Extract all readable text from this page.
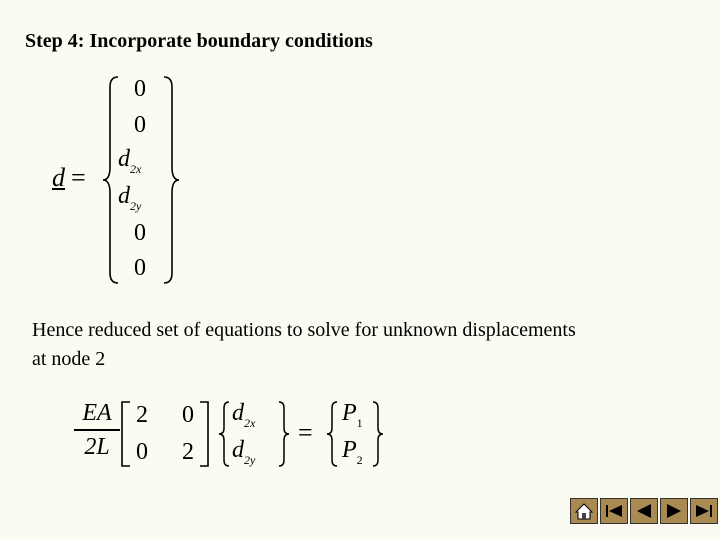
Step 4: Incorporate boundary conditions
d =
0
0
$d_{2x}$
$d_{2y}$
0
0
Hence reduced set of equations to solve for unknown displacements at node 2
EA
2L
2 0
0 2
$d_{2x}$
$d_{2y}$
=
$P_1$
$P_2$
